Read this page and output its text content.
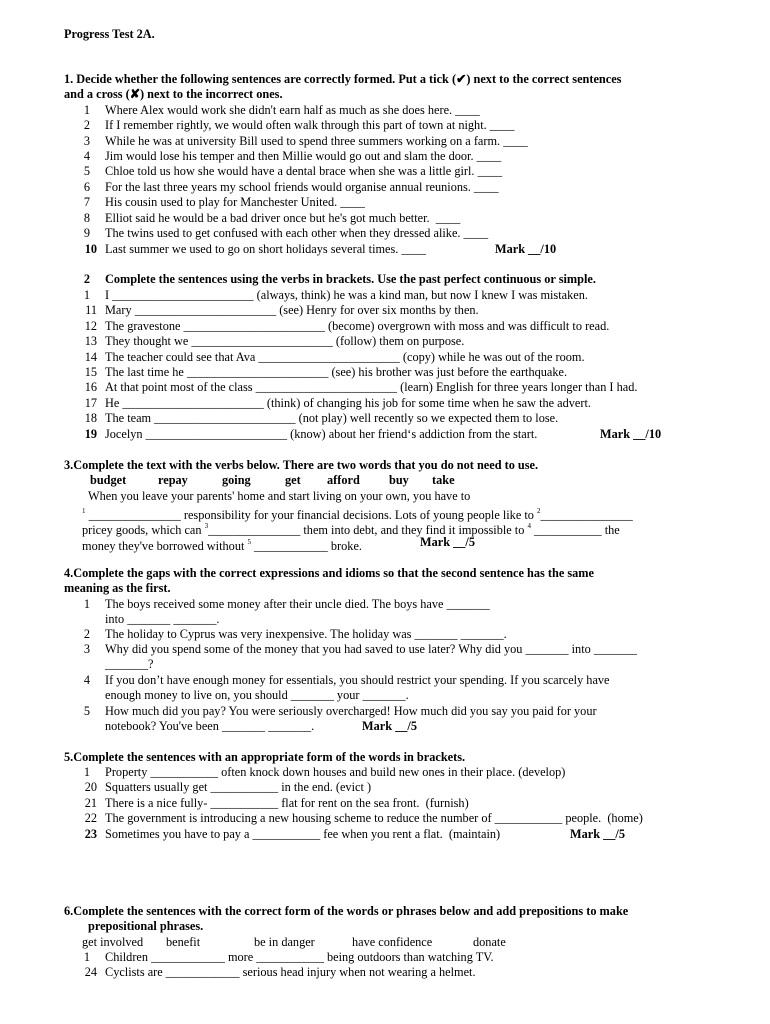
Progress Test 2A.
1. Decide whether the following sentences are correctly formed. Put a tick (✔) next to the correct sentences
and a cross (✘) next to the incorrect ones.
1 Where Alex would work she didn't earn half as much as she does here. ____
2 If I remember rightly, we would often walk through this part of town at night. ____
3 While he was at university Bill used to spend three summers working on a farm. ____
4 Jim would lose his temper and then Millie would go out and slam the door. ____
5 Chloe told us how she would have a dental brace when she was a little girl. ____
6 For the last three years my school friends would organise annual reunions. ____
7 His cousin used to play for Manchester United. ____
8 Elliot said he would be a bad driver once but he's got much better.  ____
9 The twins used to get confused with each other when they dressed alike. ____
10 Last summer we used to go on short holidays several times. ____	Mark __/10
2 Complete the sentences using the verbs in brackets. Use the past perfect continuous or simple.
1 I _______________________ (always, think) he was a kind man, but now I knew I was mistaken.
11 Mary _______________________ (see) Henry for over six months by then.
12 The gravestone _______________________ (become) overgrown with moss and was difficult to read.
13 They thought we _______________________ (follow) them on purpose.
14 The teacher could see that Ava _______________________ (copy) while he was out of the room.
15 The last time he _______________________ (see) his brother was just before the earthquake.
16 At that point most of the class _______________________ (learn) English for three years longer than I had.
17 He _______________________ (think) of changing his job for some time when he saw the advert.
18 The team _______________________ (not play) well recently so we expected them to lose.
19 Jocelyn _______________________ (know) about her friend‘s addiction from the start.	Mark __/10
3.Complete the text with the verbs below. There are two words that you do not need to use.
budget	repay	going	get afford buy take
When you leave your parents' home and start living on your own, you have to
$^1$ _______________ responsibility for your financial decisions. Lots of young people like to $^2$_______________
pricey goods, which can $^3$_______________ them into debt, and they find it impossible to $^4$ ___________ the
money they've borrowed without $^5$ ____________ broke.	Mark __/5
4.Complete the gaps with the correct expressions and idioms so that the second sentence has the same
meaning as the first.
1 The boys received some money after their uncle died. The boys have _______
into _______ _______.
2 The holiday to Cyprus was very inexpensive. The holiday was _______ _______.
3 Why did you spend some of the money that you had saved to use later? Why did you _______ into _______
_______?
4 If you don’t have enough money for essentials, you should restrict your spending. If you scarcely have
enough money to live on, you should _______ your _______.
5 How much did you pay? You were seriously overcharged! How much did you say you paid for your
notebook? You've been _______ _______.	Mark __/5
5.Complete the sentences with an appropriate form of the words in brackets.
1 Property ___________ often knock down houses and build new ones in their place. (develop)
20 Squatters usually get ___________ in the end. (evict )
21 There is a nice fully- ___________ flat for rent on the sea front.  (furnish)
22 The government is introducing a new housing scheme to reduce the number of ___________ people.  (home)
23 Sometimes you have to pay a ___________ fee when you rent a flat.  (maintain)	Mark __/5
6.Complete the sentences with the correct form of the words or phrases below and add prepositions to make
prepositional phrases.
get involved benefit	be in danger	have confidence	donate
1 Children ____________ more ___________ being outdoors than watching TV.
24 Cyclists are ____________ serious head injury when not wearing a helmet.
